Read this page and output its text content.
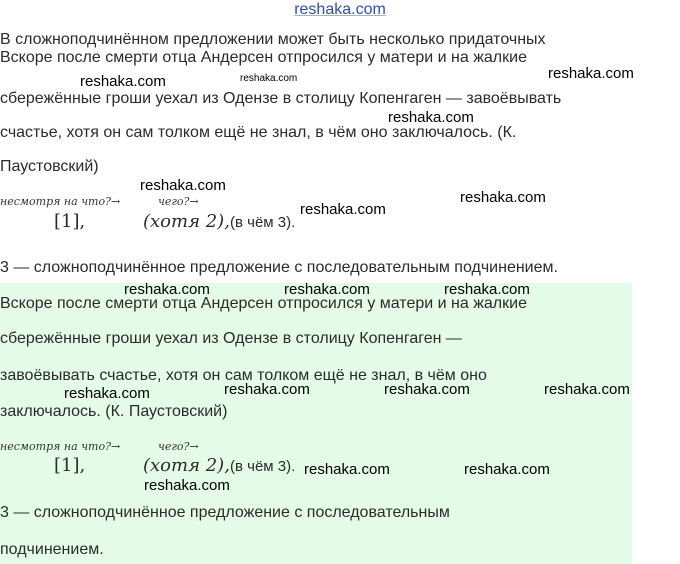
reshaka.com
В сложноподчинённом предложении может быть несколько придаточных
Вскоре после смерти отца Андерсен отпросился у матери и на жалкие
сбережённые гроши уехал из Одензе в столицу Копенгаген — завоёвывать
счастье, хотя он сам толком ещё не знал, в чём оно заключалось. (К.
Паустовский)
несмотря на что?→	чего?→
[1],	(хотя 2), (в чём 3).
3 — сложноподчинённое предложение с последовательным подчинением.
Вскоре после смерти отца Андерсен отпросился у матери и на жалкие
сбережённые гроши уехал из Одензе в столицу Копенгаген —
завоёвывать счастье, хотя он сам толком ещё не знал, в чём оно
заключалось. (К. Паустовский)
несмотря на что?→	чего?→
[1],	(хотя 2), (в чём 3).
3 — сложноподчинённое предложение с последовательным
подчинением.
reshaka.com	reshaka.com	reshaka.com
reshaka.com
reshaka.com
reshaka.com
reshaka.com
reshaka.com	reshaka.com	reshaka.com
reshaka.com	reshaka.com	reshaka.com	reshaka.com
reshaka.com	reshaka.com
reshaka.com
